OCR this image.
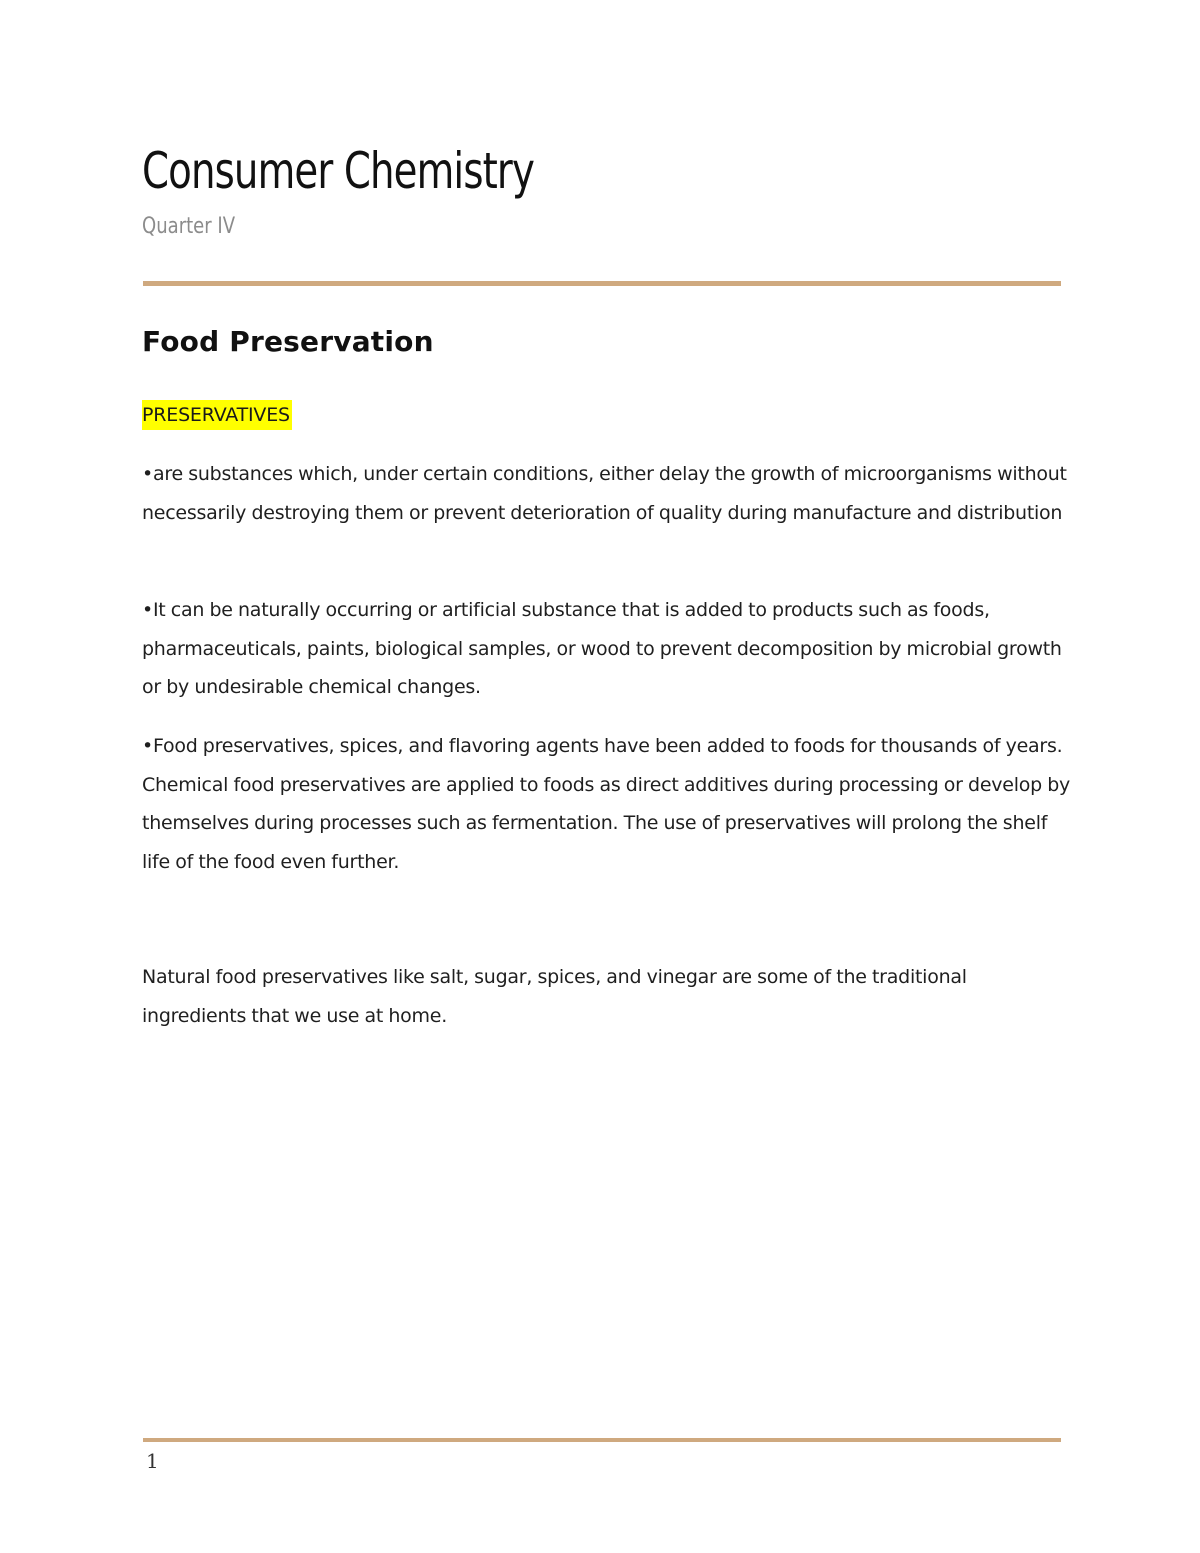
Consumer Chemistry

Quarter IV

Food Preservation

PRESERVATIVES

•are substances which, under certain conditions, either delay the growth of microorganisms without necessarily destroying them or prevent deterioration of quality during manufacture and distribution

•It can be naturally occurring or artificial substance that is added to products such as foods, pharmaceuticals, paints, biological samples, or wood to prevent decomposition by microbial growth or by undesirable chemical changes.

•Food preservatives, spices, and flavoring agents have been added to foods for thousands of years. Chemical food preservatives are applied to foods as direct additives during processing or develop by themselves during processes such as fermentation. The use of preservatives will prolong the shelf life of the food even further.

Natural food preservatives like salt, sugar, spices, and vinegar are some of the traditional ingredients that we use at home.

1
